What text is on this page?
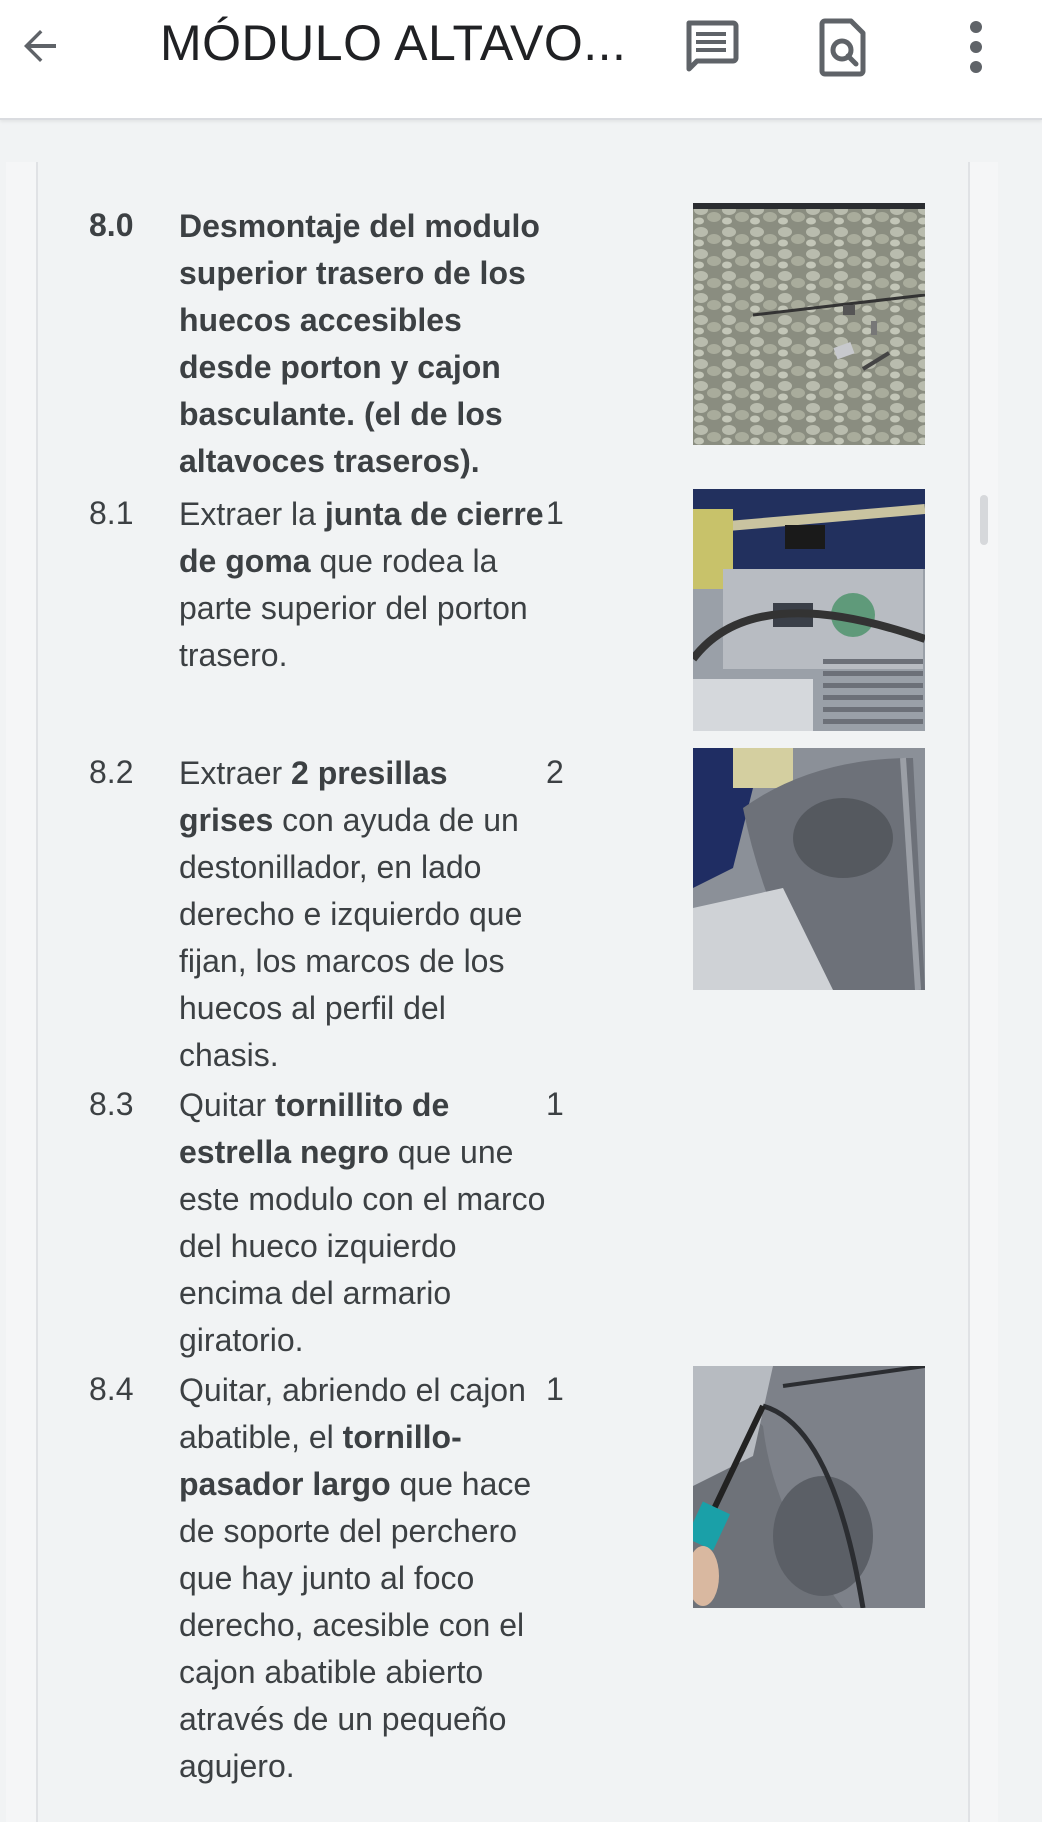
MÓDULO ALTAVO...
8.0 Desmontaje del modulo superior trasero de los huecos accesibles desde porton y cajon basculante. (el de los altavoces traseros).
8.1 Extraer la junta de cierre de goma que rodea la parte superior del porton trasero.
1
8.2 Extraer 2 presillas grises con ayuda de un destonillador, en lado derecho e izquierdo que fijan, los marcos de los huecos al perfil del chasis.
2
8.3 Quitar tornillito de estrella negro que une este modulo con el marco del hueco izquierdo encima del armario giratorio.
1
8.4 Quitar, abriendo el cajon abatible, el tornillo-pasador largo que hace de soporte del perchero que hay junto al foco derecho, acesible con el cajon abatible abierto através de un pequeño agujero.
1
